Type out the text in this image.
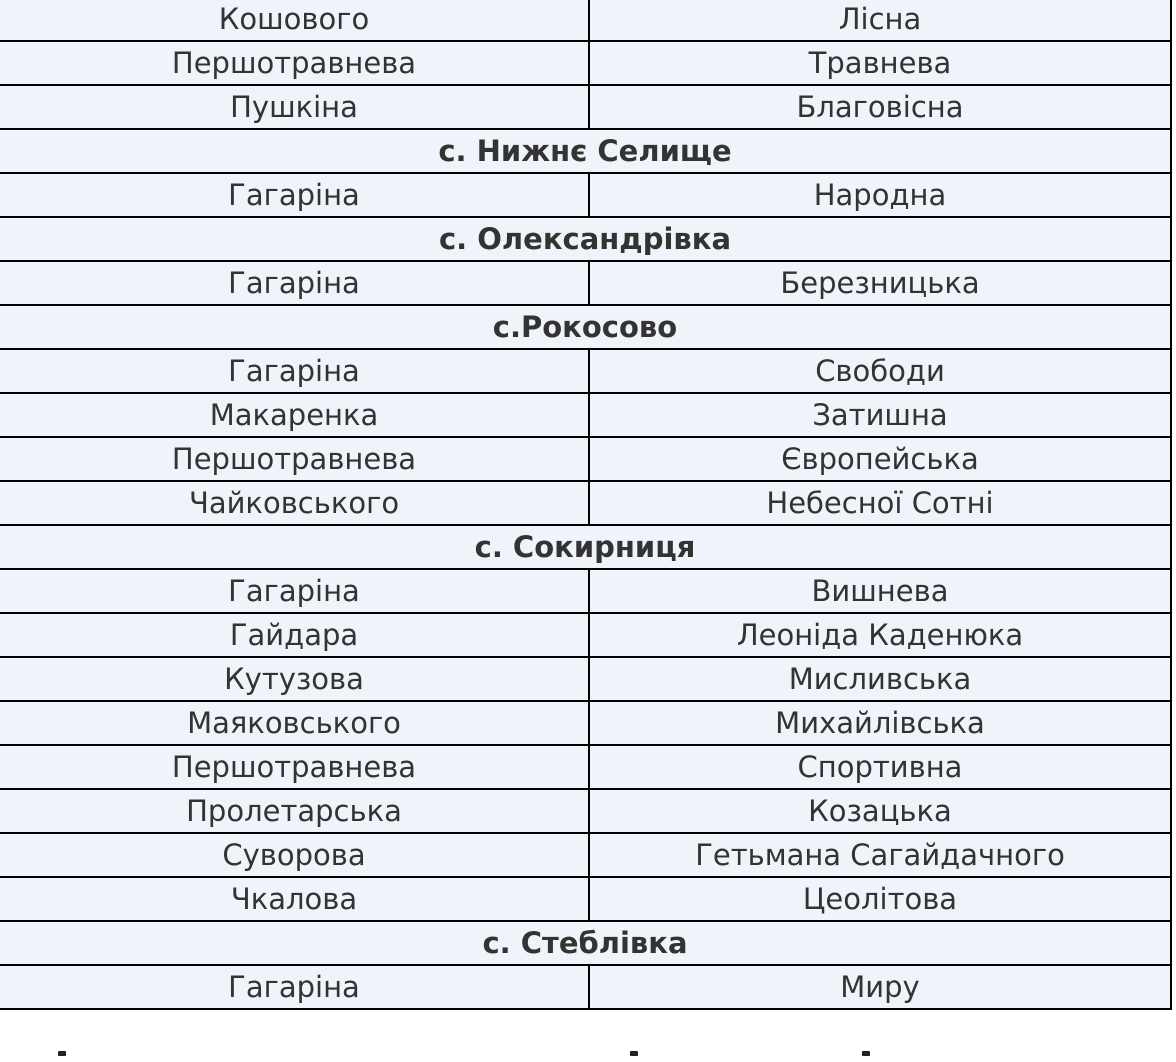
Кошового	Лісна
Першотравнева	Травнева
Пушкіна	Благовісна
с. Нижнє Селище	
Гагаріна	Народна
с. Олександрівка	
Гагаріна	Березницька
с.Рокосово	
Гагаріна	Свободи
Макаренка	Затишна
Першотравнева	Європейська
Чайковського	Небесної Сотні
с. Сокирниця	
Гагаріна	Вишнева
Гайдара	Леоніда Каденюка
Кутузова	Мисливська
Маяковського	Михайлівська
Першотравнева	Спортивна
Пролетарська	Козацька
Суворова	Гетьмана Сагайдачного
Чкалова	Цеолітова
с. Стеблівка	
Гагаріна	Миру
